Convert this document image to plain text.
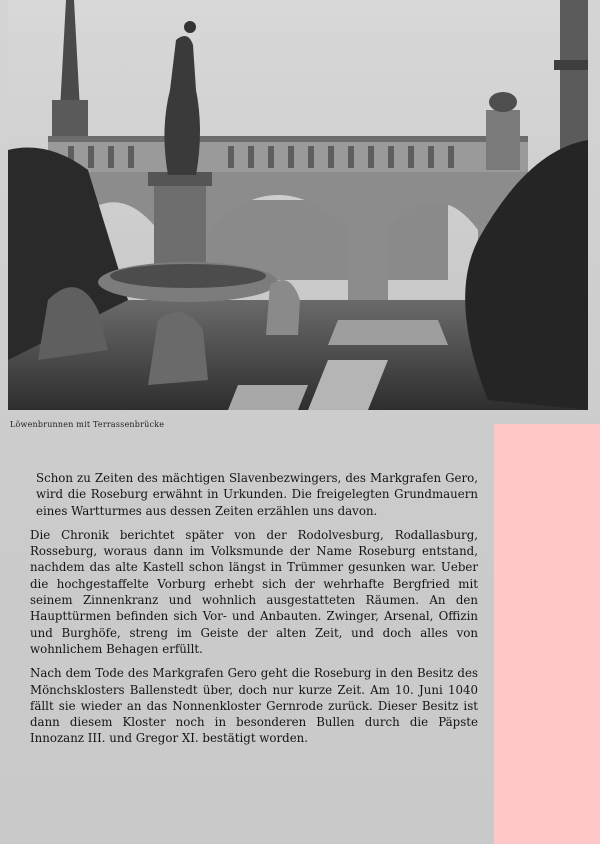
Löwenbrunnen mit Terrassenbrücke

Schon zu Zeiten des mächtigen Slavenbezwingers, des Markgrafen Gero, wird die Roseburg erwähnt in Urkunden. Die freigelegten Grundmauern eines Wartturmes aus dessen Zeiten erzählen uns davon.

Die Chronik berichtet später von der Rodolvesburg, Rodallasburg, Rosseburg, woraus dann im Volksmunde der Name Roseburg entstand, nachdem das alte Kastell schon längst in Trümmer gesunken war. Ueber die hochgestaffelte Vorburg erhebt sich der wehrhafte Bergfried mit seinem Zinnenkranz und wohnlich ausgestatteten Räumen. An den Haupttürmen befinden sich Vor- und Anbauten. Zwinger, Arsenal, Offizin und Burghöfe, streng im Geiste der alten Zeit, und doch alles von wohnlichem Behagen erfüllt.

Nach dem Tode des Markgrafen Gero geht die Roseburg in den Besitz des Mönchsklosters Ballenstedt über, doch nur kurze Zeit. Am 10. Juni 1040 fällt sie wieder an das Nonnenkloster Gernrode zurück. Dieser Besitz ist dann diesem Kloster noch in besonderen Bullen durch die Päpste Innozanz III. und Gregor XI. bestätigt worden.
